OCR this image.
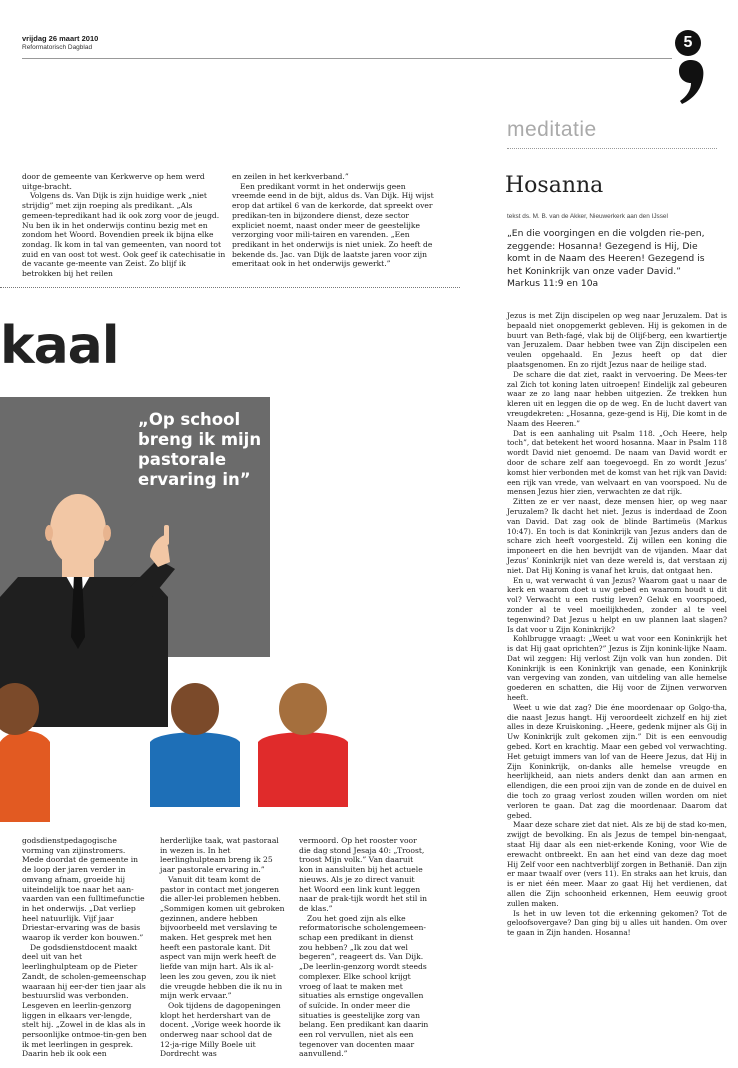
vrijdag 26 maart 2010
Reformatorisch Dagblad	5

door de gemeente van Kerkwerve op hem werd uitge-bracht.

Volgens ds. Van Dijk is zijn huidige werk „niet strijdig” met zijn roeping als predikant. „Als gemeen-tepredikant had ik ook zorg voor de jeugd. Nu ben ik in het onderwijs continu bezig met en zondom het Woord. Bovendien preek ik bijna elke zondag. Ik kom in tal van gemeenten, van noord tot zuid en van oost tot west. Ook geef ik catechisatie in de vacante ge-meente van Zeist. Zo blijf ik betrokken bij het reilen

en zeilen in het kerkverband.”

Een predikant vormt in het onderwijs geen vreemde eend in de bijt, aldus ds. Van Dijk. Hij wijst erop dat artikel 6 van de kerkorde, dat spreekt over predikan-ten in bijzondere dienst, deze sector expliciet noemt, naast onder meer de geestelijke verzorging voor mili-tairen en varenden. „Een predikant in het onderwijs is niet uniek. Zo heeft de bekende ds. Jac. van Dijk de laatste jaren voor zijn emeritaat ook in het onderwijs gewerkt.”

kaal
„Op school breng ik mijn pastorale ervaring in”

godsdienstpedagogische vorming van zijinstromers. Mede doordat de gemeente in de loop der jaren verder in omvang afnam, groeide hij uiteindelijk toe naar het aan-vaarden van een fulltimefunctie in het onderwijs. „Dat verliep heel natuurlijk. Vijf jaar Driestar-ervaring was de basis waarop ik verder kon bouwen.”

De godsdienstdocent maakt deel uit van het leerlinghulpteam op de Pieter Zandt, de scholen-gemeenschap waaraan hij eer-der tien jaar als bestuurslid was verbonden. Lesgeven en leerlin-genzorg liggen in elkaars ver-lengde, stelt hij. „Zowel in de klas als in persoonlijke ontmoe-tin-gen ben ik met leerlingen in gesprek. Daarin heb ik ook een

herderlijke taak, wat pastoraal in wezen is. In het leerlinghulpteam breng ik 25 jaar pastorale ervaring in.”

Vanuit dit team komt de pastor in contact met jongeren die aller-lei problemen hebben. „Sommigen komen uit gebroken gezinnen, andere hebben bijvoorbeeld met verslaving te maken. Het gesprek met hen heeft een pastorale kant. Dit aspect van mijn werk heeft de liefde van mijn hart. Als ik al-leen les zou geven, zou ik niet die vreugde hebben die ik nu in mijn werk ervaar.”

Ook tijdens de dagopeningen klopt het herdershart van de docent. „Vorige week hoorde ik onderweg naar school dat de 12-ja-rige Milly Boele uit Dordrecht was

vermoord. Op het rooster voor die dag stond Jesaja 40: „Troost, troost Mijn volk.” Van daaruit kon in aansluiten bij het actuele nieuws. Als je zo direct vanuit het Woord een link kunt leggen naar de prak-tijk wordt het stil in de klas.”

Zou het goed zijn als elke reformatorische scholengemeen-schap een predikant in dienst zou hebben? „Ik zou dat wel begeren”, reageert ds. Van Dijk. „De leerlin-genzorg wordt steeds complexer. Elke school krijgt vroeg of laat te maken met situaties als ernstige ongevallen of suïcide. In onder meer die situaties is geestelijke zorg van belang. Een predikant kan daarin een rol vervullen, niet als een tegenover van docenten maar aanvullend.”

meditatie
Hosanna
tekst ds. M. B. van de Akker, Nieuwerkerk aan den IJssel
„En die voorgingen en die volgden rie-pen, zeggende: Hosanna! Gezegend is Hij, Die komt in de Naam des Heeren! Gezegend is het Koninkrijk van onze vader David.”
Markus 11:9 en 10a

Jezus is met Zijn discipelen op weg naar Jeruzalem. Dat is bepaald niet onopgemerkt gebleven. Hij is gekomen in de buurt van Beth-fagé, vlak bij de Olijf-berg, een kwartiertje van Jeruzalem. Daar hebben twee van Zijn discipelen een veulen opgehaald. En Jezus heeft op dat dier plaatsgenomen. En zo rijdt Jezus naar de heilige stad.

De schare die dat ziet, raakt in vervoering. De Mees-ter zal Zich tot koning laten uitroepen! Eindelijk zal gebeuren waar ze zo lang naar hebben uitgezien. Ze trekken hun kleren uit en leggen die op de weg. En de lucht davert van vreugdekreten: „Hosanna, geze-gend is Hij, Die komt in de Naam des Heeren.”

Dat is een aanhaling uit Psalm 118. „Och Heere, help toch”, dat betekent het woord hosanna. Maar in Psalm 118 wordt David niet genoemd. De naam van David wordt er door de schare zelf aan toegevoegd. En zo wordt Jezus’ komst hier verbonden met de komst van het rijk van David: een rijk van vrede, van welvaart en van voorspoed. Nu de mensen Jezus hier zien, verwachten ze dat rijk.

Zitten ze er ver naast, deze mensen hier, op weg naar Jeruzalem? Ik dacht het niet. Jezus is inderdaad de Zoon van David. Dat zag ook de blinde Bartimeüs (Markus 10:47). En toch is dat Koninkrijk van Jezus anders dan de schare zich heeft voorgesteld. Zij willen een koning die imponeert en die hen bevrijdt van de vijanden. Maar dat Jezus’ Koninkrijk niet van deze wereld is, dat verstaan zij niet. Dat Hij Koning is vanaf het kruis, dat ontgaat hen.

En u, wat verwacht ú van Jezus? Waarom gaat u naar de kerk en waarom doet u uw gebed en waarom houdt u dit vol? Verwacht u een rustig leven? Geluk en voorspoed, zonder al te veel moeilijkheden, zonder al te veel tegenwind? Dat Jezus u helpt en uw plannen laat slagen? Is dat voor u Zijn Koninkrijk?

Kohlbrugge vraagt: „Weet u wat voor een Koninkrijk het is dat Hij gaat oprichten?” Jezus is Zijn konink-lijke Naam. Dat wil zeggen: Hij verlost Zijn volk van hun zonden. Dit Koninkrijk is een Koninkrijk van genade, een Koninkrijk van vergeving van zonden, van uitdeling van alle hemelse goederen en schatten, die Hij voor de Zijnen verworven heeft.

Weet u wie dat zag? Die éne moordenaar op Golgo-tha, die naast Jezus hangt. Hij veroordeelt zichzelf en hij ziet alles in deze Kruiskoning. „Heere, gedenk mijner als Gij in Uw Koninkrijk zult gekomen zijn.” Dit is een eenvoudig gebed. Kort en krachtig. Maar een gebed vol verwachting. Het getuigt immers van lof van de Heere Jezus, dat Hij in Zijn Koninkrijk, on-danks alle hemelse vreugde en heerlijkheid, aan niets anders denkt dan aan armen en ellendigen, die een prooi zijn van de zonde en de duivel en die toch zo graag verlost zouden willen worden om niet verloren te gaan. Dat zag die moordenaar. Daarom dat gebed.

Maar deze schare ziet dat niet. Als ze bij de stad ko-men, zwijgt de bevolking. En als Jezus de tempel bin-nengaat, staat Hij daar als een niet-erkende Koning, voor Wie de erewacht ontbreekt. En aan het eind van deze dag moet Hij Zelf voor een nachtverblijf zorgen in Bethanië. Dan zijn er maar twaalf over (vers 11). En straks aan het kruis, dan is er niet één meer. Maar zo gaat Hij het verdienen, dat allen die Zijn schoonheid erkennen, Hem eeuwig groot zullen maken.

Is het in uw leven tot die erkenning gekomen? Tot de geloofsovergave? Dan ging bij u alles uit handen. Om over te gaan in Zijn handen. Hosanna!
